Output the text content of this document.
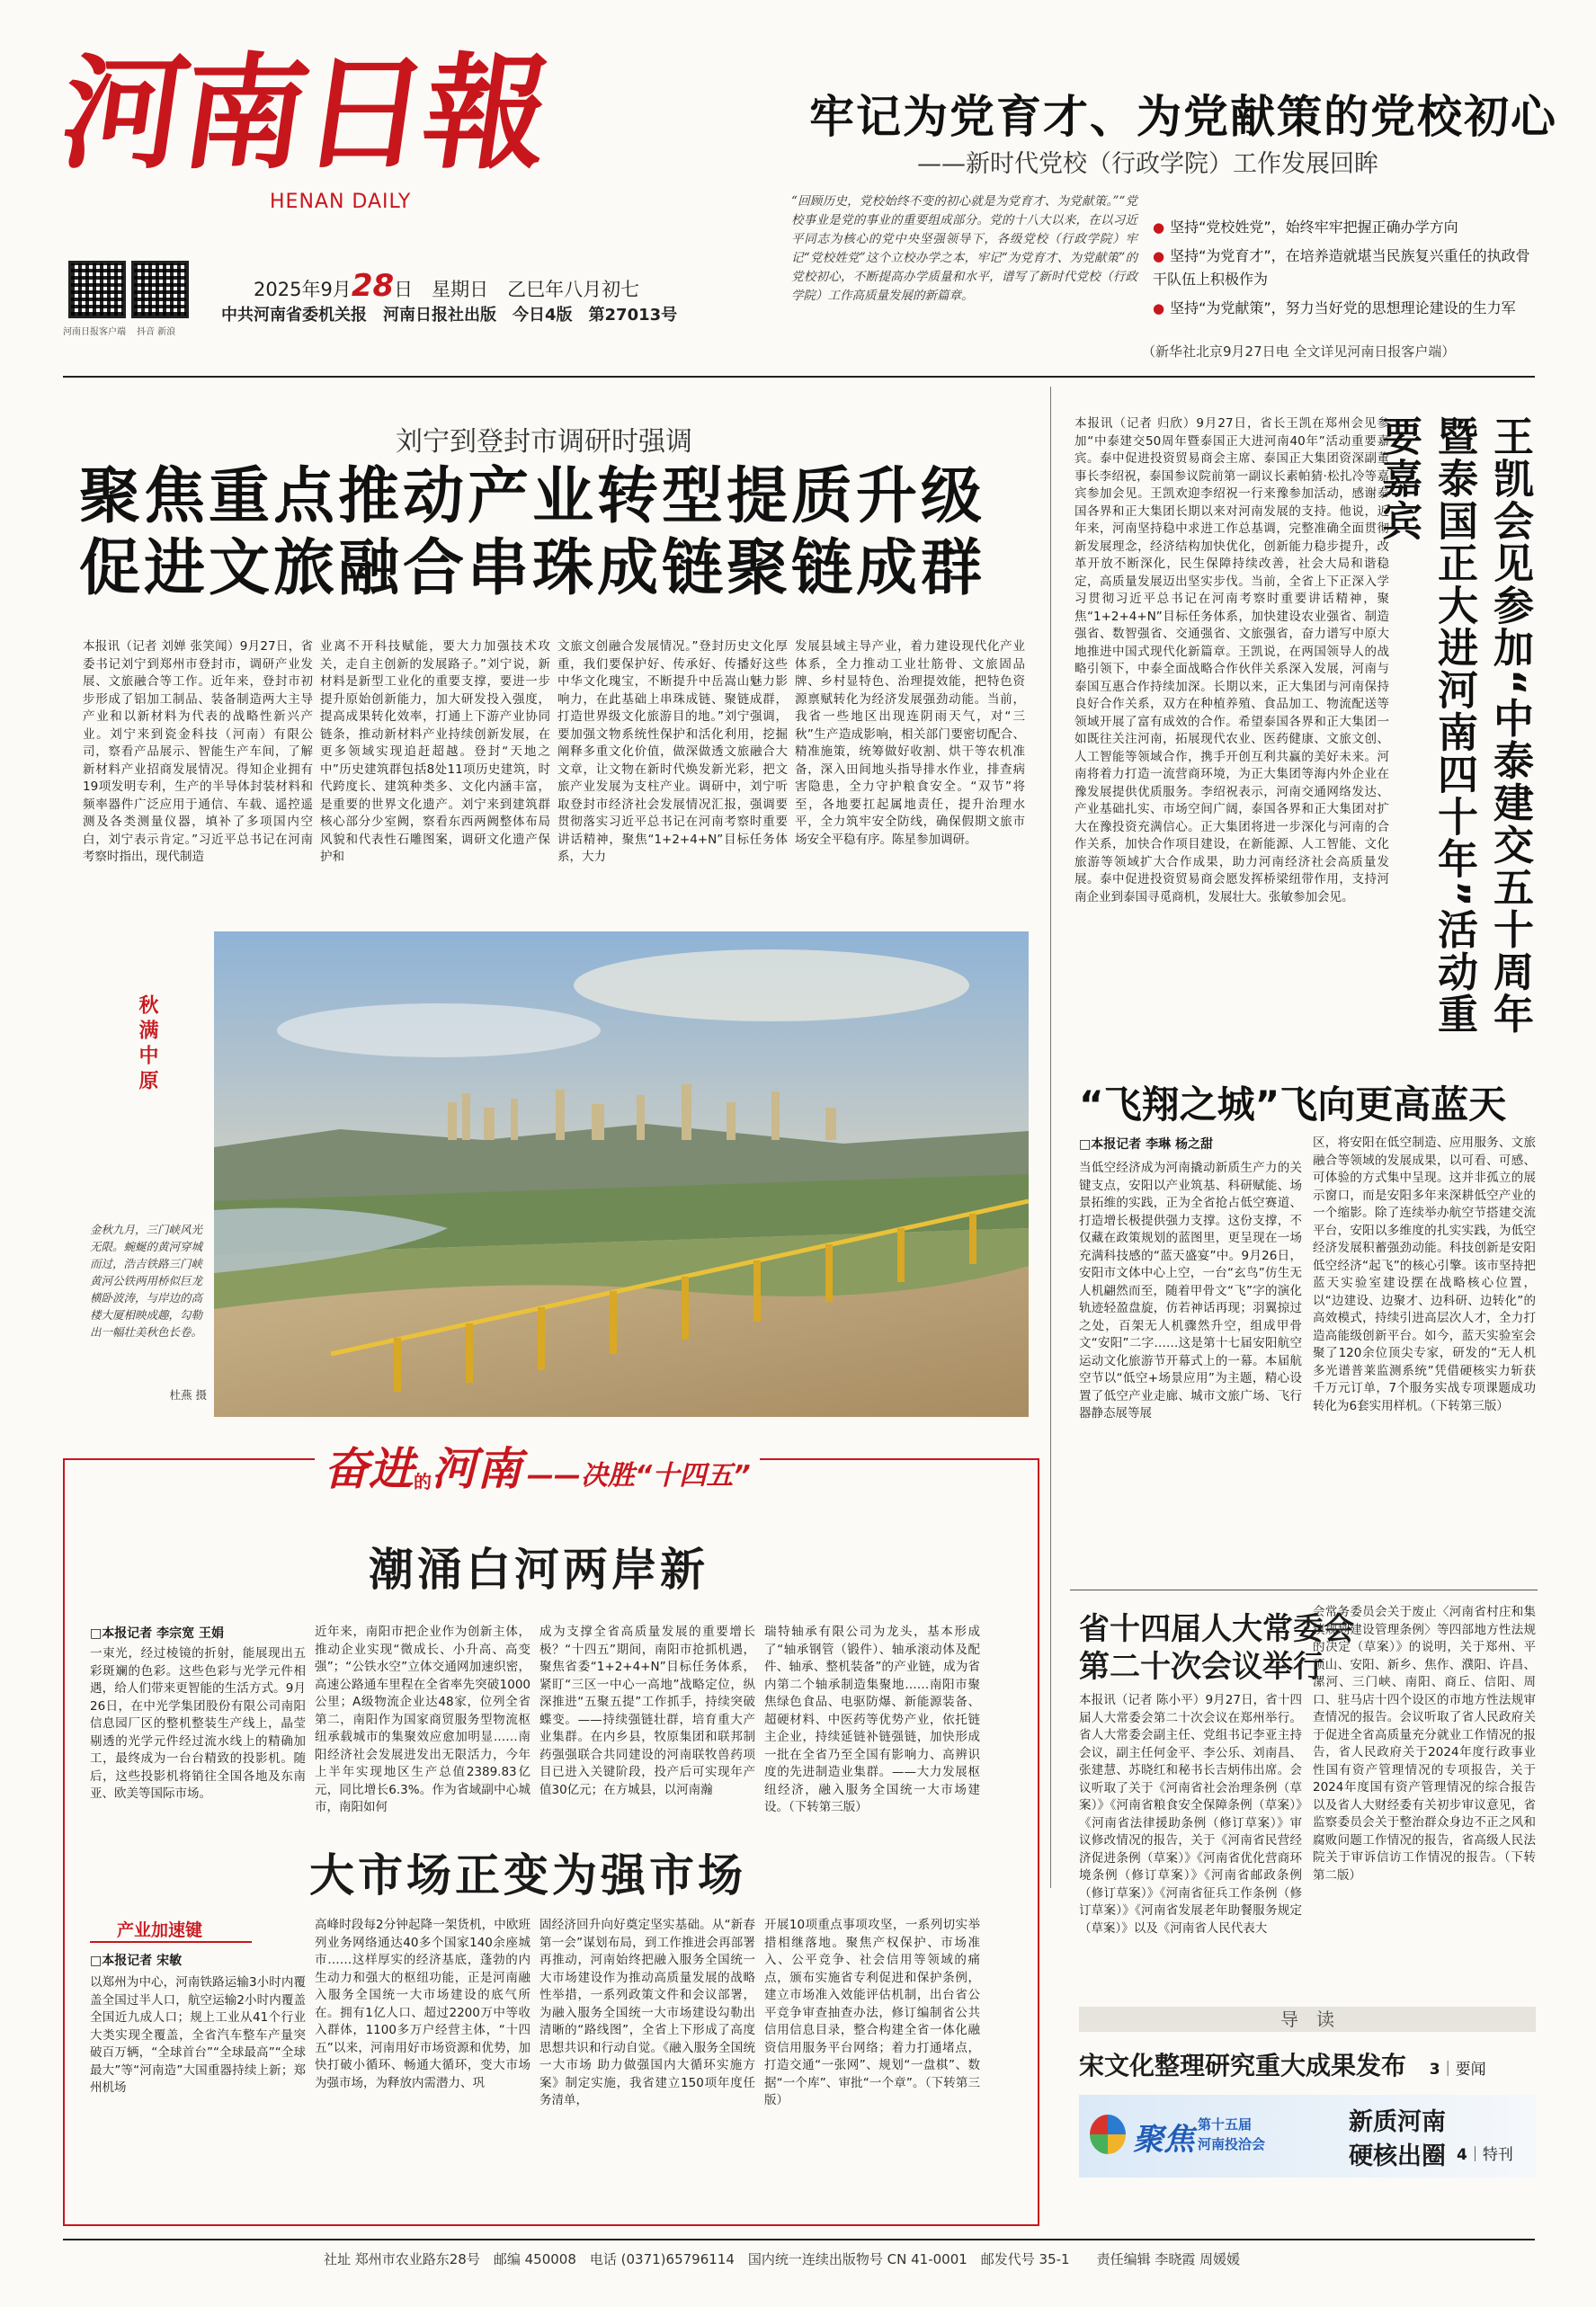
河南日報
HENAN DAILY
河南日报客户端 抖音 新浪
2025年9月28日　星期日　乙巳年八月初七
中共河南省委机关报　河南日报社出版　今日4版　第27013号
牢记为党育才、为党献策的党校初心
——新时代党校（行政学院）工作发展回眸
“回顾历史，党校始终不变的初心就是为党育才、为党献策。”“党校事业是党的事业的重要组成部分。党的十八大以来，在以习近平同志为核心的党中央坚强领导下，各级党校（行政学院）牢记“党校姓党”这个立校办学之本，牢记“为党育才、为党献策”的党校初心，不断提高办学质量和水平，谱写了新时代党校（行政学院）工作高质量发展的新篇章。
● 坚持“党校姓党”，始终牢牢把握正确办学方向
● 坚持“为党育才”，在培养造就堪当民族复兴重任的执政骨干队伍上积极作为
● 坚持“为党献策”，努力当好党的思想理论建设的生力军
（新华社北京9月27日电 全文详见河南日报客户端）
刘宁到登封市调研时强调
聚焦重点推动产业转型提质升级
促进文旅融合串珠成链聚链成群
本报讯（记者 刘婵 张笑闻）9月27日，省委书记刘宁到郑州市登封市，调研产业发展、文旅融合等工作。近年来，登封市初步形成了铝加工制品、装备制造两大主导产业和以新材料为代表的战略性新兴产业。刘宁来到瓷金科技（河南）有限公司，察看产品展示、智能生产车间，了解新材料产业招商发展情况。得知企业拥有19项发明专利，生产的半导体封装材料和频率器件广泛应用于通信、车载、遥控遥测及各类测量仪器，填补了多项国内空白，刘宁表示肯定。”习近平总书记在河南考察时指出，现代制造
业离不开科技赋能，要大力加强技术攻关，走自主创新的发展路子。”刘宁说，新材料是新型工业化的重要支撑，要进一步提升原始创新能力，加大研发投入强度，提高成果转化效率，打通上下游产业协同链条，推动新材料产业持续创新发展，在更多领域实现追赶超越。登封“天地之中”历史建筑群包括8处11项历史建筑，时代跨度长、建筑种类多、文化内涵丰富，是重要的世界文化遗产。刘宁来到建筑群核心部分少室阙，察看东西两阙整体布局风貌和代表性石雕图案，调研文化遗产保护和
文旅文创融合发展情况。”登封历史文化厚重，我们要保护好、传承好、传播好这些中华文化瑰宝，不断提升中岳嵩山魅力影响力，在此基础上串珠成链、聚链成群，打造世界级文化旅游目的地。”刘宁强调，要加强文物系统性保护和活化利用，挖掘阐释多重文化价值，做深做透文旅融合大文章，让文物在新时代焕发新光彩，把文旅产业发展为支柱产业。调研中，刘宁听取登封市经济社会发展情况汇报，强调要贯彻落实习近平总书记在河南考察时重要讲话精神，聚焦“1+2+4+N”目标任务体系，大力
发展县域主导产业，着力建设现代化产业体系，全力推动工业壮筋骨、文旅固品牌、乡村显特色、治理提效能，把特色资源禀赋转化为经济发展强劲动能。当前，我省一些地区出现连阴雨天气，对“三秋”生产造成影响，相关部门要密切配合、精准施策，统筹做好收割、烘干等农机准备，深入田间地头指导排水作业，排查病害隐患，全力守护粮食安全。“双节”将至，各地要扛起属地责任，提升治理水平，全力筑牢安全防线，确保假期文旅市场安全平稳有序。陈星参加调研。
秋满中原
金秋九月，三门峡风光无限。蜿蜒的黄河穿城而过，浩吉铁路三门峡黄河公铁两用桥似巨龙横卧波涛，与岸边的高楼大厦相映成趣，勾勒出一幅壮美秋色长卷。
杜燕 摄
王凯会见参加“中泰建交五十周年暨泰国正大进河南四十年”活动重要嘉宾
本报讯（记者 归欣）9月27日，省长王凯在郑州会见参加“中泰建交50周年暨泰国正大进河南40年”活动重要嘉宾。泰中促进投资贸易商会主席、泰国正大集团资深副董事长李绍祝，泰国参议院前第一副议长素帕猜·松扎冷等嘉宾参加会见。王凯欢迎李绍祝一行来豫参加活动，感谢泰国各界和正大集团长期以来对河南发展的支持。他说，近年来，河南坚持稳中求进工作总基调，完整准确全面贯彻新发展理念，经济结构加快优化，创新能力稳步提升，改革开放不断深化，民生保障持续改善，社会大局和谐稳定，高质量发展迈出坚实步伐。当前，全省上下正深入学习贯彻习近平总书记在河南考察时重要讲话精神，聚焦“1+2+4+N”目标任务体系，加快建设农业强省、制造强省、数智强省、交通强省、文旅强省，奋力谱写中原大地推进中国式现代化新篇章。王凯说，在两国领导人的战略引领下，中泰全面战略合作伙伴关系深入发展，河南与泰国互惠合作持续加深。长期以来，正大集团与河南保持良好合作关系，双方在种植养殖、食品加工、物流配送等领域开展了富有成效的合作。希望泰国各界和正大集团一如既往关注河南，拓展现代农业、医药健康、文旅文创、人工智能等领域合作，携手开创互利共赢的美好未来。河南将着力打造一流营商环境，为正大集团等海内外企业在豫发展提供优质服务。李绍祝表示，河南交通网络发达、产业基础扎实、市场空间广阔，泰国各界和正大集团对扩大在豫投资充满信心。正大集团将进一步深化与河南的合作关系，加快合作项目建设，在新能源、人工智能、文化旅游等领域扩大合作成果，助力河南经济社会高质量发展。泰中促进投资贸易商会愿发挥桥梁纽带作用，支持河南企业到泰国寻觅商机，发展壮大。张敏参加会见。
“飞翔之城”飞向更高蓝天
□本报记者 李琳 杨之甜
当低空经济成为河南撬动新质生产力的关键支点，安阳以产业筑基、科研赋能、场景拓维的实践，正为全省抢占低空赛道、打造增长极提供强力支撑。这份支撑，不仅藏在政策规划的蓝图里，更呈现在一场充满科技感的“蓝天盛宴”中。9月26日，安阳市文体中心上空，一台“玄鸟”仿生无人机翩然而至，随着甲骨文“飞”字的演化轨迹轻盈盘旋，仿若神话再现；羽翼掠过之处，百架无人机骤然升空，组成甲骨文“安阳”二字……这是第十七届安阳航空运动文化旅游节开幕式上的一幕。本届航空节以“低空+场景应用”为主题，精心设置了低空产业走廊、城市文旅广场、飞行器静态展等展
区，将安阳在低空制造、应用服务、文旅融合等领域的发展成果，以可看、可感、可体验的方式集中呈现。这并非孤立的展示窗口，而是安阳多年来深耕低空产业的一个缩影。除了连续举办航空节搭建交流平台，安阳以多维度的扎实实践，为低空经济发展积蓄强劲动能。科技创新是安阳低空经济“起飞”的核心引擎。该市坚持把蓝天实验室建设摆在战略核心位置，以“边建设、边聚才、边科研、边转化”的高效模式，持续引进高层次人才，全力打造高能级创新平台。如今，蓝天实验室会聚了120余位顶尖专家，研发的“无人机多光谱普莱监测系统”凭借硬核实力斩获千万元订单，7个服务实战专项课题成功转化为6套实用样机。（下转第三版）
省十四届人大常委会
第二十次会议举行
本报讯（记者 陈小平）9月27日，省十四届人大常委会第二十次会议在郑州举行。省人大常委会副主任、党组书记李亚主持会议，副主任何金平、李公乐、刘南昌、张建慧、苏晓红和秘书长吉炳伟出席。会议听取了关于《河南省社会治理条例（草案）》《河南省粮食安全保障条例（草案）》《河南省法律援助条例（修订草案）》审议修改情况的报告，关于《河南省民营经济促进条例（草案）》《河南省优化营商环境条例（修订草案）》《河南省邮政条例（修订草案）》《河南省征兵工作条例（修订草案）》《河南省发展老年助餐服务规定（草案）》以及《河南省人民代表大
会常务委员会关于废止〈河南省村庄和集镇规划建设管理条例〉等四部地方性法规的决定（草案）》的说明，关于郑州、平顶山、安阳、新乡、焦作、濮阳、许昌、漯河、三门峡、南阳、商丘、信阳、周口、驻马店十四个设区的市地方性法规审查情况的报告。会议听取了省人民政府关于促进全省高质量充分就业工作情况的报告，省人民政府关于2024年度行政事业性国有资产管理情况的专项报告，关于2024年度国有资产管理情况的综合报告以及省人大财经委有关初步审议意见，省监察委员会关于整治群众身边不正之风和腐败问题工作情况的报告，省高级人民法院关于审诉信访工作情况的报告。（下转第二版）
导　读
宋文化整理研究重大成果发布 3｜要闻
聚焦 第十五届
河南投洽会
新质河南
硬核出圈 4｜特刊
奋进的河南 ——决胜“十四五”
潮涌白河两岸新
□本报记者 李宗宽 王娟
一束光，经过棱镜的折射，能展现出五彩斑斓的色彩。这些色彩与光学元件相遇，给人们带来更智能的生活方式。9月26日，在中光学集团股份有限公司南阳信息园厂区的整机整装生产线上，晶莹剔透的光学元件经过流水线上的精确加工，最终成为一台台精致的投影机。随后，这些投影机将销往全国各地及东南亚、欧美等国际市场。
近年来，南阳市把企业作为创新主体，推动企业实现“微成长、小升高、高变强”；“公铁水空”立体交通网加速织密，高速公路通车里程在全省率先突破1000公里；A级物流企业达48家，位列全省第二，南阳作为国家商贸服务型物流枢纽承载城市的集聚效应愈加明显……南阳经济社会发展进发出无限活力，今年上半年实现地区生产总值2389.83亿元，同比增长6.3%。作为省域副中心城市，南阳如何
成为支撑全省高质量发展的重要增长极？“十四五”期间，南阳市抢抓机遇，聚焦省委“1+2+4+N”目标任务体系，紧盯“三区一中心一高地”战略定位，纵深推进“五聚五提”工作抓手，持续突破蝶变。——持续强链壮群，培育重大产业集群。在内乡县，牧原集团和联邦制药强强联合共同建设的河南联牧兽药项目已进入关键阶段，投产后可实现年产值30亿元；在方城县，以河南瀚
瑞特轴承有限公司为龙头，基本形成了“轴承钢管（锻件）、轴承滚动体及配件、轴承、整机装备”的产业链，成为省内第二个轴承制造集聚地……南阳市聚焦绿色食品、电驱防爆、新能源装备、超硬材料、中医药等优势产业，依托链主企业，持续延链补链强链，加快形成一批在全省乃至全国有影响力、高辨识度的先进制造业集群。——大力发展枢纽经济，融入服务全国统一大市场建设。（下转第三版）
大市场正变为强市场
产业加速键
□本报记者 宋敏
以郑州为中心，河南铁路运输3小时内覆盖全国过半人口，航空运输2小时内覆盖全国近九成人口；规上工业从41个行业大类实现全覆盖，全省汽车整车产量突破百万辆，“全球首台”“全球最高”“全球最大”等“河南造”大国重器持续上新；郑州机场
高峰时段每2分钟起降一架货机，中欧班列业务网络通达40多个国家140余座城市……这样厚实的经济基底，蓬勃的内生动力和强大的枢纽功能，正是河南融入服务全国统一大市场建设的底气所在。拥有1亿人口、超过2200万中等收入群体，1100多万户经营主体，“十四五”以来，河南用好市场资源和优势，加快打破小循环、畅通大循环，变大市场为强市场，为释放内需潜力、巩
固经济回升向好奠定坚实基础。从“新春第一会”谋划布局，到工作推进会再部署再推动，河南始终把融入服务全国统一大市场建设作为推动高质量发展的战略性举措，一系列政策文件和会议部署，为融入服务全国统一大市场建设勾勒出清晰的“路线图”，全省上下形成了高度思想共识和行动自觉。《融入服务全国统一大市场 助力做强国内大循环实施方案》制定实施，我省建立150项年度任务清单，
开展10项重点事项攻坚，一系列切实举措相继落地。聚焦产权保护、市场准入、公平竞争、社会信用等领域的痛点，颁布实施省专利促进和保护条例，建立市场准入效能评估机制，出台省公平竞争审查抽查办法，修订编制省公共信用信息目录，整合构建全省一体化融资信用服务平台网络；着力打通堵点，打造交通“一张网”、规划“一盘棋”、数据“一个库”、审批“一个章”。（下转第三版）
社址 郑州市农业路东28号　邮编 450008　电话 (0371)65796114　国内统一连续出版物号 CN 41-0001　邮发代号 35-1　　责任编辑 李晓霞 周媛媛
